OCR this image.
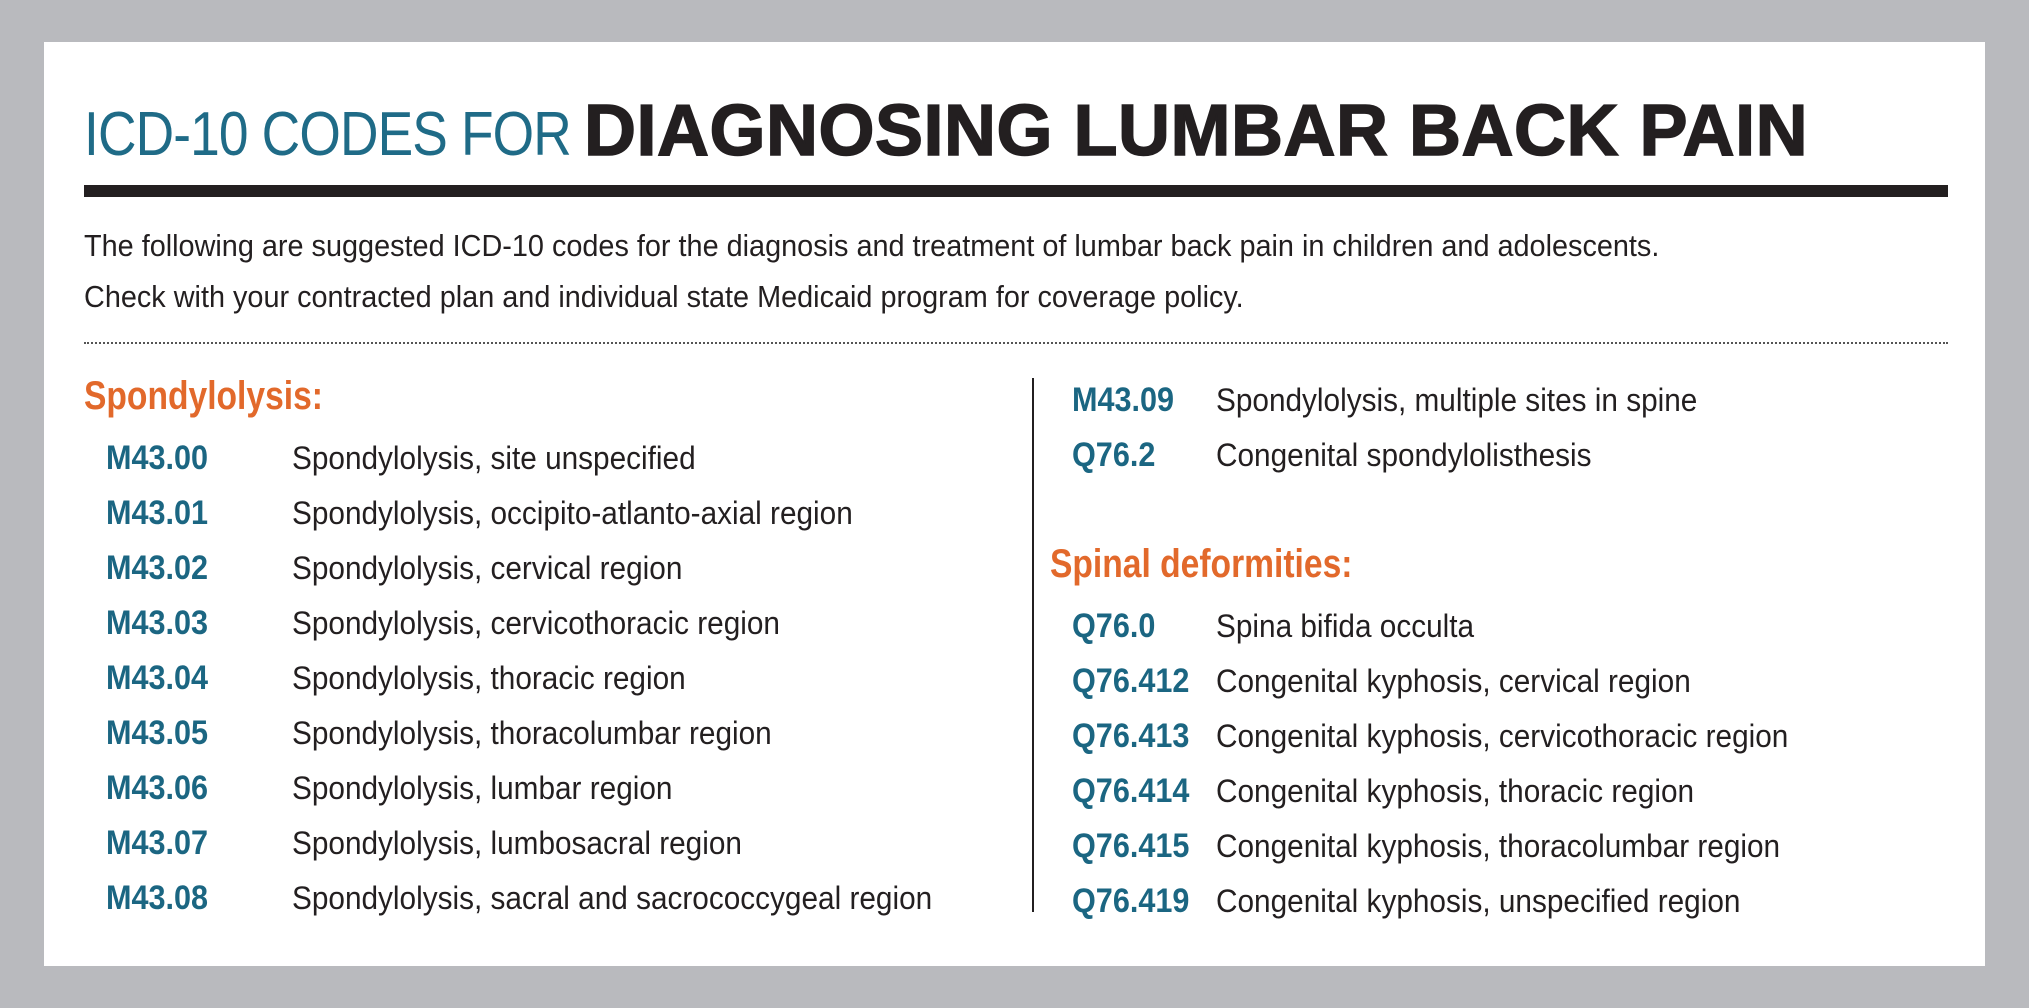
ICD-10 CODES FOR DIAGNOSING LUMBAR BACK PAIN
The following are suggested ICD-10 codes for the diagnosis and treatment of lumbar back pain in children and adolescents.
Check with your contracted plan and individual state Medicaid program for coverage policy.
Spondylolysis:
M43.00	Spondylolysis, site unspecified
M43.01	Spondylolysis, occipito-atlanto-axial region
M43.02	Spondylolysis, cervical region
M43.03	Spondylolysis, cervicothoracic region
M43.04	Spondylolysis, thoracic region
M43.05	Spondylolysis, thoracolumbar region
M43.06	Spondylolysis, lumbar region
M43.07	Spondylolysis, lumbosacral region
M43.08	Spondylolysis, sacral and sacrococcygeal region
M43.09 Spondylolysis, multiple sites in spine
Q76.2 Congenital spondylolisthesis
Spinal deformities:
Q76.0 Spina bifida occulta
Q76.412 Congenital kyphosis, cervical region
Q76.413 Congenital kyphosis, cervicothoracic region
Q76.414 Congenital kyphosis, thoracic region
Q76.415 Congenital kyphosis, thoracolumbar region
Q76.419 Congenital kyphosis, unspecified region
